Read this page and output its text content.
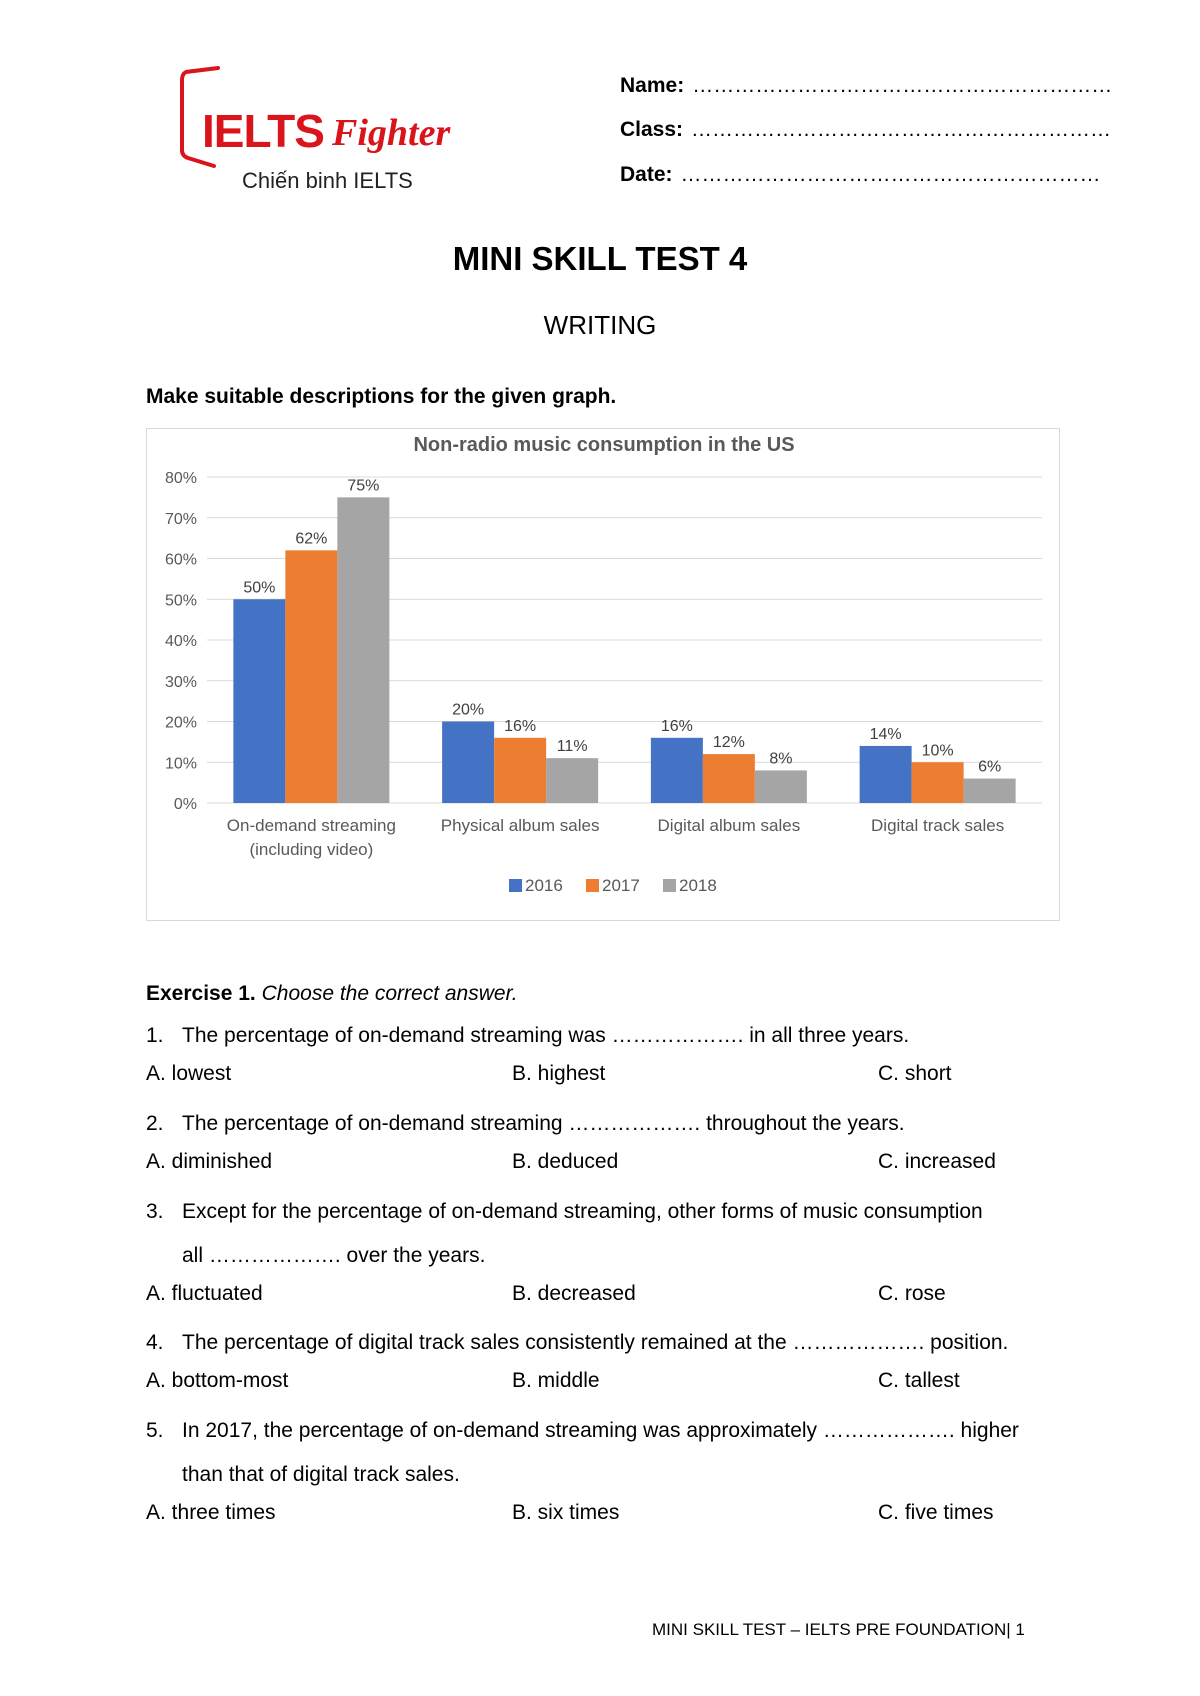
IELTS Fighter
Chiến binh IELTS
Name: ……………………………………………………
Class: ……………………………………………………
Date: ……………………………………………………
MINI SKILL TEST 4
WRITING
Make suitable descriptions for the given graph.
Non-radio music consumption in the US
0%
10%
20%
30%
40%
50%
60%
70%
80%
50%
20%
16%	14%
62%
16%
12%	10%
75%
11%
8%	6%
On-demand streaming
(including video)
Physical album sales	Digital album sales	Digital track sales
2016 2017 2018
Exercise 1. Choose the correct answer.
1. The percentage of on-demand streaming was ………………. in all three years.
A. lowest	B. highest	C. short
2. The percentage of on-demand streaming ………………. throughout the years.
A. diminished	B. deduced	C. increased
3. Except for the percentage of on-demand streaming, other forms of music consumption
all ………………. over the years.
A. fluctuated	B. decreased	C. rose
4. The percentage of digital track sales consistently remained at the ………………. position.
A. bottom-most	B. middle	C. tallest
5. In 2017, the percentage of on-demand streaming was approximately ………………. higher
than that of digital track sales.
A. three times	B. six times	C. five times
MINI SKILL TEST – IELTS PRE FOUNDATION| 1
